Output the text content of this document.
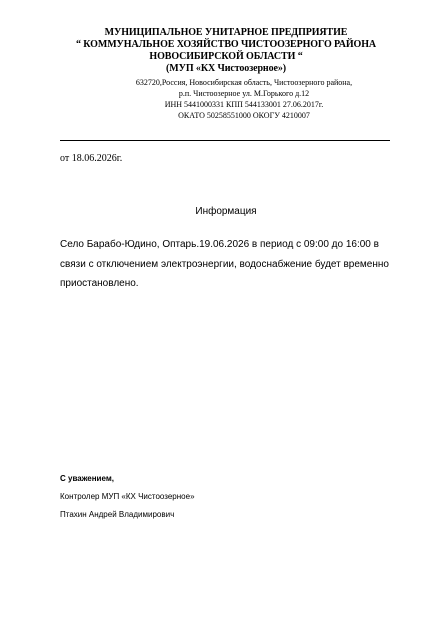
МУНИЦИПАЛЬНОЕ УНИТАРНОЕ ПРЕДПРИЯТИЕ
“ КОММУНАЛЬНОЕ ХОЗЯЙСТВО ЧИСТООЗЕРНОГО РАЙОНА
НОВОСИБИРСКОЙ ОБЛАСТИ “
(МУП «КХ Чистоозерное»)
632720,Россия, Новосибирская область, Чистоозерного района,
р.п. Чистоозерное ул. М.Горького д.12
ИНН 5441000331 КПП 544133001 27.06.2017г.
ОКАТО 50258551000 ОКОГУ 4210007
от 18.06.2026г.
Информация
Село Барабо-Юдино, Оптарь.19.06.2026 в период с 09:00 до 16:00 в
связи с отключением электроэнергии, водоснабжение будет временно
приостановлено.
С уважением,
Контролер МУП «КХ Чистоозерное»
Птахин Андрей Владимирович
